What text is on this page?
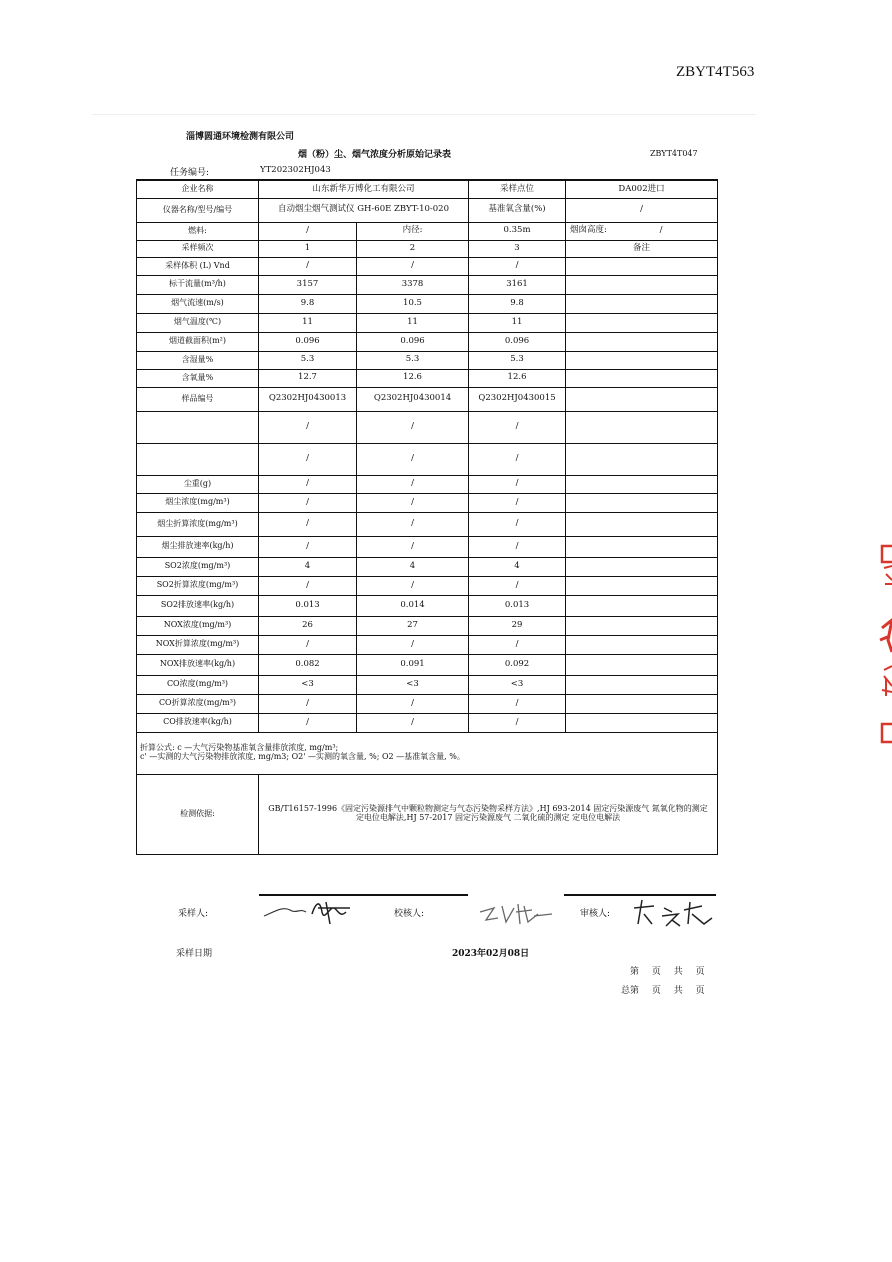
ZBYT4T563
淄博圆通环境检测有限公司
烟（粉）尘、烟气浓度分析原始记录表	ZBYT4T047
任务编号:	YT202302HJ043
企业名称	山东新华万博化工有限公司		采样点位	DA002进口
仪器名称/型号/编号	自动烟尘烟气测试仪 GH-60E ZBYT-10-020		基准氧含量(%)	/
燃料:	/	内径:	0.35m	烟囱高度: /
采样频次	1	2	3	备注
采样体积 (L) Vnd	/	/	/	
标干流量(m³/h)	3157	3378	3161	
烟气流速(m/s)	9.8	10.5	9.8	
烟气温度(℃)	11	11	11	
烟道截面积(m²)	0.096	0.096	0.096	
含湿量%	5.3	5.3	5.3	
含氧量%	12.7	12.6	12.6	
样品编号	Q2302HJ0430013	Q2302HJ0430014	Q2302HJ0430015	
	/	/	/	
	/	/	/	
尘重(g)	/	/	/	
烟尘浓度(mg/m³)	/	/	/	
烟尘折算浓度(mg/m³)	/	/	/	
烟尘排放速率(kg/h)	/	/	/	
SO2浓度(mg/m³)	4	4	4	
SO2折算浓度(mg/m³)	/	/	/	
SO2排放速率(kg/h)	0.013	0.014	0.013	
NOX浓度(mg/m³)	26	27	29	
NOX折算浓度(mg/m³)	/	/	/	
NOX排放速率(kg/h)	0.082	0.091	0.092	
CO浓度(mg/m³)	<3	<3	<3	
CO折算浓度(mg/m³)	/	/	/	
CO排放速率(kg/h)	/	/	/	

折算公式: c —大气污染物基准氧含量排放浓度, mg/m³;
c' —实测的大气污染物排放浓度, mg/m3; O2' —实测的氧含量, %; O2 —基准氧含量, %。				

检测依据:	GB/T16157-1996《固定污染源排气中颗粒物测定与气态污染物采样方法》,HJ 693-2014 固定污染源废气 氮氧化物的测定 定电位电解法,HJ 57-2017 固定污染源废气 二氧化硫的测定 定电位电解法			
采样人:	校核人:	审核人:
采样日期	2023年02月08日
第 页 共 页
总第 页 共 页
